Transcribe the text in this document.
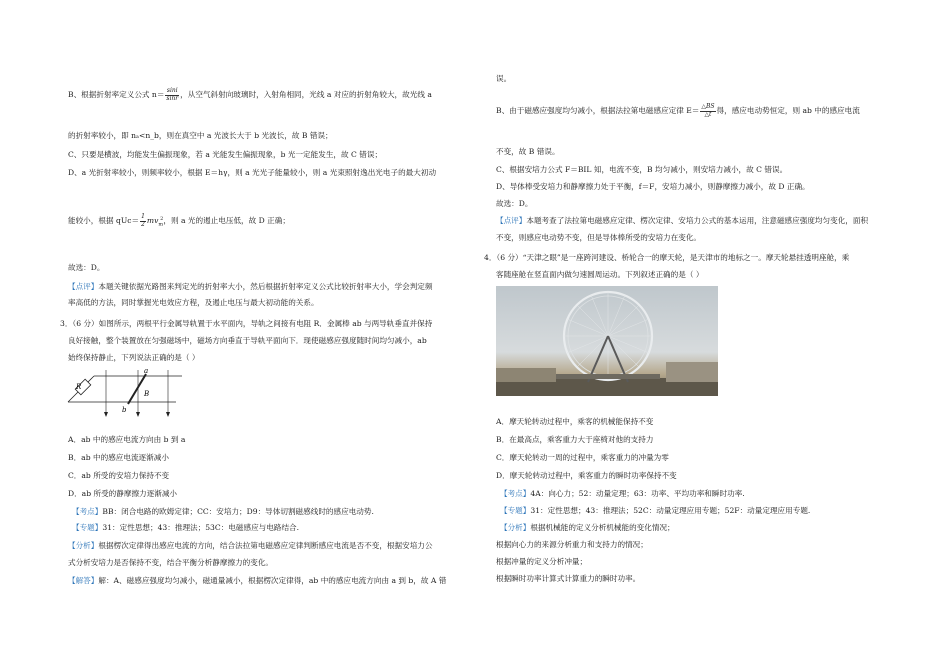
B、根据折射率定义公式 $n= \frac{\sin i}{\sin r}$ ，从空气斜射向玻璃时，入射角相同，光线 a 对应的折射角较大，故光线 a
的折射率较小，即 nₐ<n_b，则在真空中 a 光波长大于 b 光波长，故 B 错误；
C、只要是横波，均能发生偏振现象，若 a 光能发生偏振现象，b 光一定能发生，故 C 错误；
D、a 光折射率较小，则频率较小，根据 E＝hγ，则 a 光光子能量较小，则 a 光束照射逸出光电子的最大初动
能较小，根据 $qUc= \frac{1}{2} mv_m^2$，则 a 光的遏止电压低，故 D 正确；
故选：D。
【点评】本题关键依据光路图来判定光的折射率大小，然后根据折射率定义公式比较折射率大小，学会判定频
率高低的方法，同时掌握光电效应方程，及遏止电压与最大初动能的关系。
3．（6 分）如图所示，两根平行金属导轨置于水平面内，导轨之间接有电阻 R．金属棒 ab 与两导轨垂直并保持
良好接触，整个装置放在匀强磁场中，磁场方向垂直于导轨平面向下．现使磁感应强度随时间均匀减小，ab
始终保持静止，下列说法正确的是（ ）
R
a
b
B
A．ab 中的感应电流方向由 b 到 a
B．ab 中的感应电流逐渐减小
C．ab 所受的安培力保持不变
D．ab 所受的静摩擦力逐渐减小
【考点】BB：闭合电路的欧姆定律；CC：安培力；D9：导体切割磁感线时的感应电动势.
【专题】31：定性思想；43：推理法；53C：电磁感应与电路结合.
【分析】根据楞次定律得出感应电流的方向，结合法拉第电磁感应定律判断感应电流是否不变，根据安培力公
式分析安培力是否保持不变，结合平衡分析静摩擦力的变化。
【解答】解：A、磁感应强度均匀减小，磁通量减小，根据楞次定律得，ab 中的感应电流方向由 a 到 b，故 A 错
误。
B、由于磁感应强度均匀减小，根据法拉第电磁感应定律 $E= \frac{\triangle BS}{\triangle t}$ 得，感应电动势恒定，则 ab 中的感应电流
不变，故 B 错误。
C、根据安培力公式 F＝BIL 知，电流不变，B 均匀减小，则安培力减小，故 C 错误。
D、导体棒受安培力和静摩擦力处于平衡，f＝F，安培力减小，则静摩擦力减小，故 D 正确。
故选：D。
【点评】本题考查了法拉第电磁感应定律、楞次定律、安培力公式的基本运用，注意磁感应强度均匀变化，面积
不变，则感应电动势不变，但是导体棒所受的安培力在变化。
4．（6 分）“天津之眼”是一座跨河建设、桥轮合一的摩天轮，是天津市的地标之一。摩天轮悬挂透明座舱，乘
客随座舱在竖直面内做匀速圆周运动。下列叙述正确的是（ ）
A．摩天轮转动过程中，乘客的机械能保持不变
B．在最高点，乘客重力大于座椅对他的支持力
C．摩天轮转动一周的过程中，乘客重力的冲量为零
D．摩天轮转动过程中，乘客重力的瞬时功率保持不变
【考点】4A：向心力；52：动量定理；63：功率、平均功率和瞬时功率.
【专题】31：定性思想；43：推理法；52C：动量定理应用专题；52F：动量定理应用专题.
【分析】根据机械能的定义分析机械能的变化情况；
根据向心力的来源分析重力和支持力的情况；
根据冲量的定义分析冲量；
根据瞬时功率计算式计算重力的瞬时功率。
